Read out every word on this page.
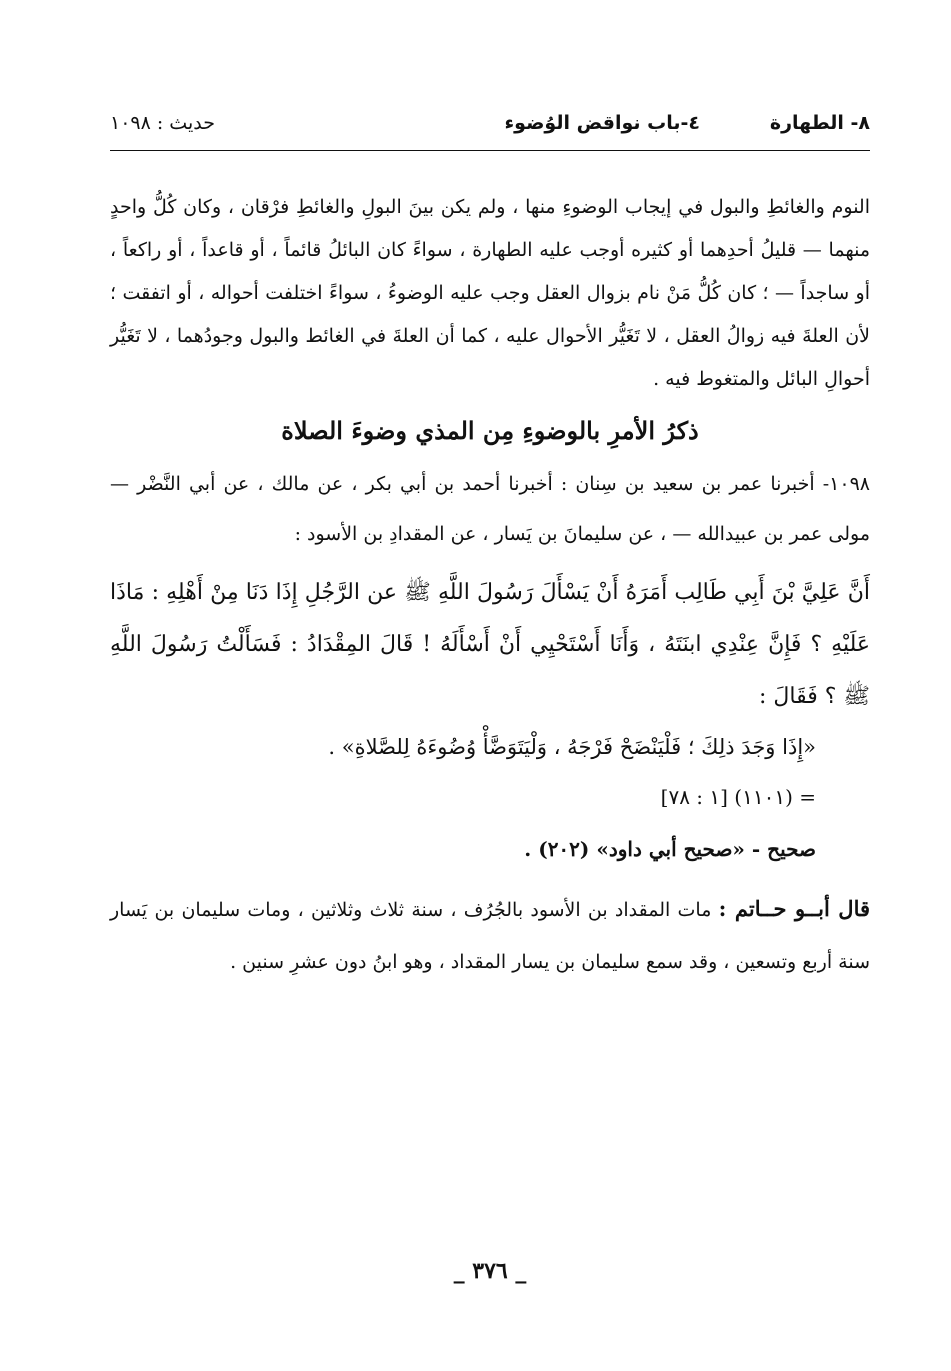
٨- الطهارة
٤-باب نواقض الوُضوء
حديث : ١٠٩٨

النوم والغائطِ والبول في إيجاب الوضوءِ منها ، ولم يكن بينَ البولِ والغائطِ فرْقان ، وكان كُلُّ واحدٍ منهما — قليلُ أحدِهما أو كثيره أوجب عليه الطهارة ، سواءً كان البائلُ قائماً ، أو قاعداً ، أو راكعاً ، أو ساجداً — ؛ كان كُلُّ مَنْ نام بزوال العقل وجب عليه الوضوءُ ، سواءً اختلفت أحواله ، أو اتفقت ؛ لأن العلةَ فيه زوالُ العقل ، لا تَغَيُّر الأحوال عليه ، كما أن العلةَ في الغائط والبول وجودُهما ، لا تَغَيُّر أحوالِ البائل والمتغوط فيه .

ذكرُ الأمرِ بالوضوءِ مِن المذي وضوءَ الصلاة

١٠٩٨- أخبرنا عمر بن سعيد بن سِنان : أخبرنا أحمد بن أبي بكر ، عن مالك ، عن أبي النَّضْر — مولى عمر بن عبيدالله — ، عن سليمانَ بن يَسار ، عن المقدادِ بن الأسود :

أَنَّ عَلِيَّ بْنَ أَبِي طَالِب أَمَرَهُ أَنْ يَسْأَلَ رَسُولَ اللَّهِ ﷺ عن الرَّجُلِ إِذَا دَنَا مِنْ أَهْلِهِ : مَاذَا عَلَيْهِ ؟ فَإِنَّ عِنْدِي ابنَتَهُ ، وَأَنَا أَسْتَحْيِي أَنْ أَسْأَلَهُ ! قَالَ المِقْدَادُ : فَسَأَلْتُ رَسُولَ اللَّهِ ﷺ ؟ فَقَالَ :

«إِذَا وَجَدَ ذلِكَ ؛ فَلْيَنْضَحْ فَرْجَهُ ، وَلْيَتَوَضَّأْ وُضُوءَهُ لِلصَّلاةِ» .

= (١١٠١) [١ : ٧٨]

صحيح - «صحيح أبي داود» (٢٠٢) .

قال أبــو حــاتم : مات المقداد بن الأسود بالجُرُف ، سنة ثلاث وثلاثين ، ومات سليمان بن يَسار سنة أربع وتسعين ، وقد سمع سليمان بن يسار المقداد ، وهو ابنُ دون عشرِ سنين .

_ ٣٧٦ _
